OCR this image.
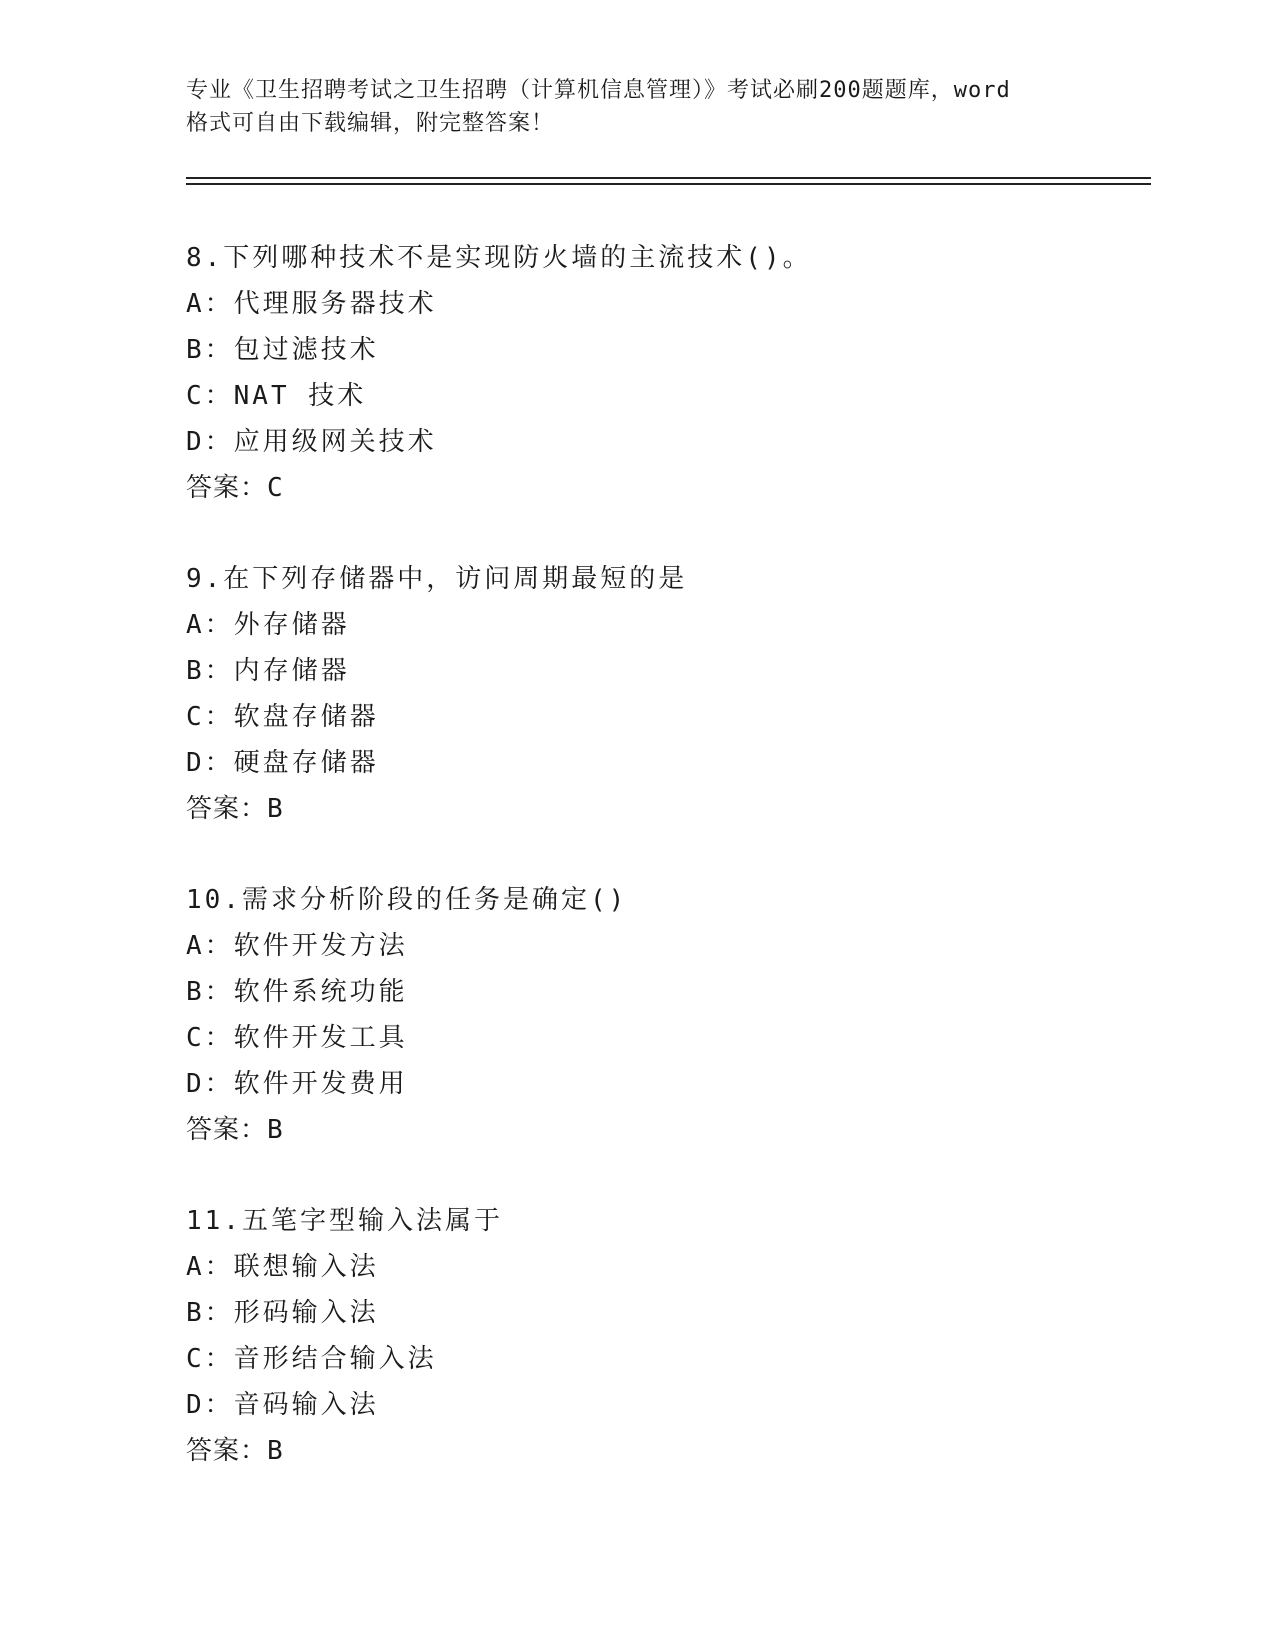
专业《卫生招聘考试之卫生招聘（计算机信息管理）》考试必刷200题题库，word
格式可自由下载编辑，附完整答案！
8.下列哪种技术不是实现防火墙的主流技术()。
A：代理服务器技术
B：包过滤技术
C：NAT 技术
D：应用级网关技术
答案：C
9.在下列存储器中，访问周期最短的是
A：外存储器
B：内存储器
C：软盘存储器
D：硬盘存储器
答案：B
10.需求分析阶段的任务是确定()
A：软件开发方法
B：软件系统功能
C：软件开发工具
D：软件开发费用
答案：B
11.五笔字型输入法属于
A：联想输入法
B：形码输入法
C：音形结合输入法
D：音码输入法
答案：B
